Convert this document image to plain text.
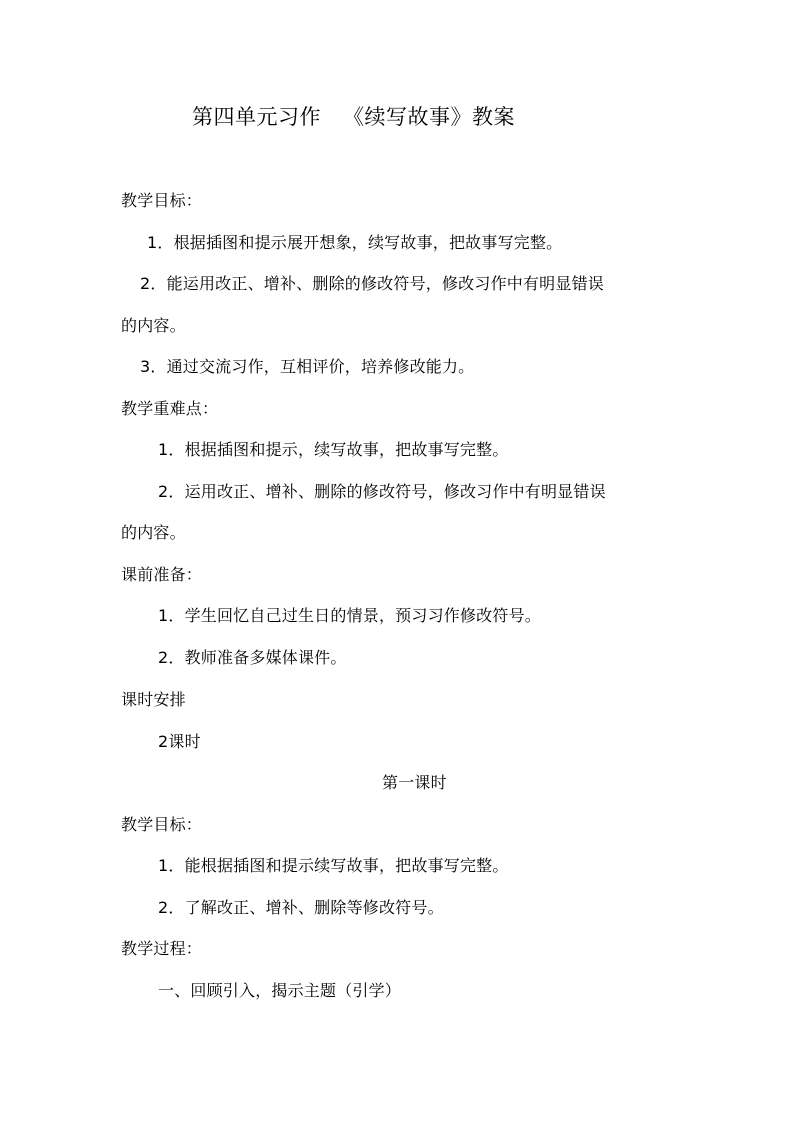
第四单元习作 《续写故事》教案
教学目标：
1．根据插图和提示展开想象，续写故事，把故事写完整。
2．能运用改正、增补、删除的修改符号，修改习作中有明显错误
的内容。
3．通过交流习作，互相评价，培养修改能力。
教学重难点：
1．根据插图和提示，续写故事，把故事写完整。
2．运用改正、增补、删除的修改符号，修改习作中有明显错误
的内容。
课前准备：
1．学生回忆自己过生日的情景，预习习作修改符号。
2．教师准备多媒体课件。
课时安排
2课时
第一课时
教学目标：
1．能根据插图和提示续写故事，把故事写完整。
2．了解改正、增补、删除等修改符号。
教学过程：
一、回顾引入，揭示主题（引学）
